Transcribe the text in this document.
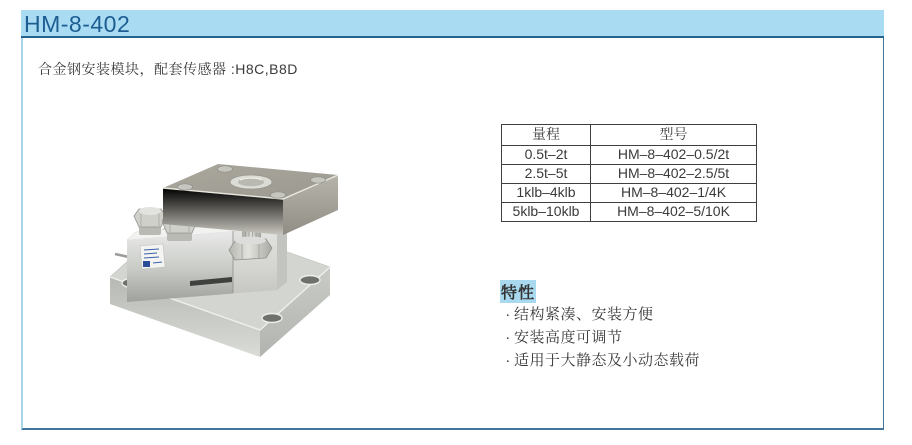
HM-8-402
合金钢安装模块，配套传感器 :H8C,B8D
量程	型号
0.5t–2t	HM–8–402–0.5/2t
2.5t–5t	HM–8–402–2.5/5t
1klb–4klb	HM–8–402–1/4K
5klb–10klb	HM–8–402–5/10K
特性
· 结构紧凑、安装方便
· 安装高度可调节
· 适用于大静态及小动态载荷
